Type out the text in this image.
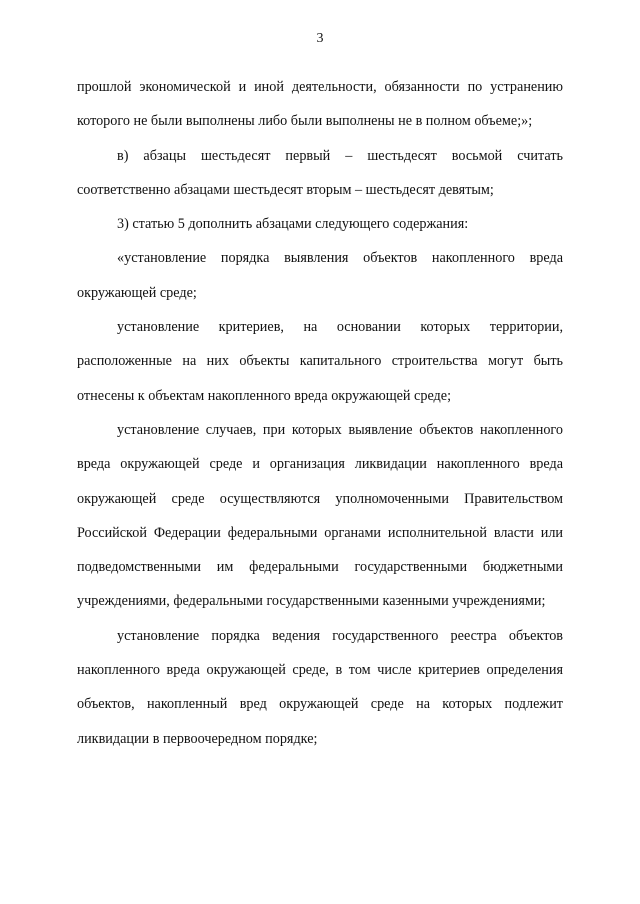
3

прошлой экономической и иной деятельности, обязанности по устранению которого не были выполнены либо были выполнены не в полном объеме;»;

в) абзацы шестьдесят первый – шестьдесят восьмой считать соответственно абзацами шестьдесят вторым – шестьдесят девятым;

3) статью 5 дополнить абзацами следующего содержания:

«установление порядка выявления объектов накопленного вреда окружающей среде;

установление критериев, на основании которых территории, расположенные на них объекты капитального строительства могут быть отнесены к объектам накопленного вреда окружающей среде;

установление случаев, при которых выявление объектов накопленного вреда окружающей среде и организация ликвидации накопленного вреда окружающей среде осуществляются уполномоченными Правительством Российской Федерации федеральными органами исполнительной власти или подведомственными им федеральными государственными бюджетными учреждениями, федеральными государственными казенными учреждениями;

установление порядка ведения государственного реестра объектов накопленного вреда окружающей среде, в том числе критериев определения объектов, накопленный вред окружающей среде на которых подлежит ликвидации в первоочередном порядке;
